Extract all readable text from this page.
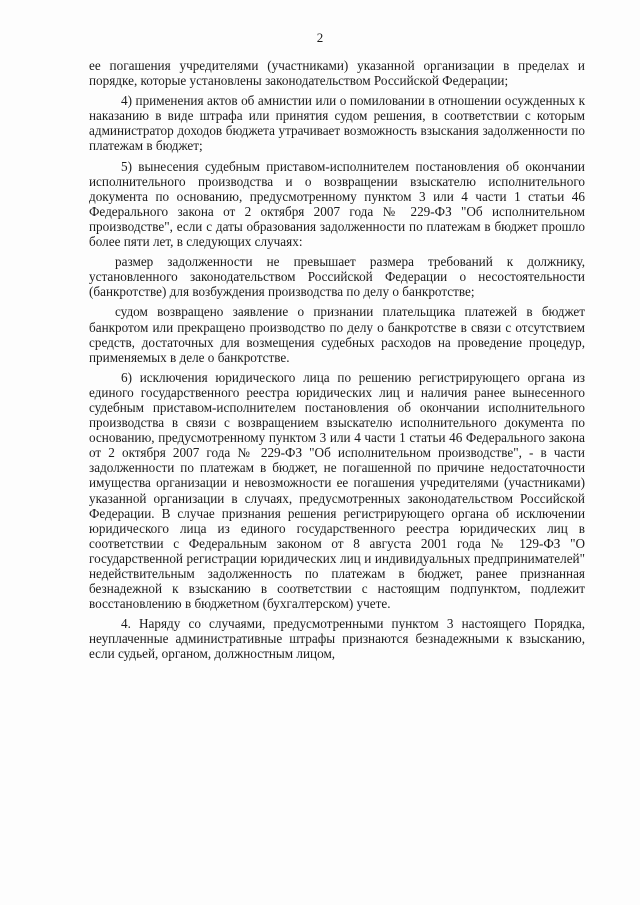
2

ее погашения учредителями (участниками) указанной организации в пределах и порядке, которые установлены законодательством Российской Федерации;

4) применения актов об амнистии или о помиловании в отношении осужденных к наказанию в виде штрафа или принятия судом решения, в соответствии с которым администратор доходов бюджета утрачивает возможность взыскания задолженности по платежам в бюджет;

5) вынесения судебным приставом-исполнителем постановления об окончании исполнительного производства и о возвращении взыскателю исполнительного документа по основанию, предусмотренному пунктом 3 или 4 части 1 статьи 46 Федерального закона от 2 октября 2007 года № 229-ФЗ "Об исполнительном производстве", если с даты образования задолженности по платежам в бюджет прошло более пяти лет, в следующих случаях:

размер задолженности не превышает размера требований к должнику, установленного законодательством Российской Федерации о несостоятельности (банкротстве) для возбуждения производства по делу о банкротстве;

судом возвращено заявление о признании плательщика платежей в бюджет банкротом или прекращено производство по делу о банкротстве в связи с отсутствием средств, достаточных для возмещения судебных расходов на проведение процедур, применяемых в деле о банкротстве.

6) исключения юридического лица по решению регистрирующего органа из единого государственного реестра юридических лиц и наличия ранее вынесенного судебным приставом-исполнителем постановления об окончании исполнительного производства в связи с возвращением взыскателю исполнительного документа по основанию, предусмотренному пунктом 3 или 4 части 1 статьи 46 Федерального закона от 2 октября 2007 года № 229-ФЗ "Об исполнительном производстве", - в части задолженности по платежам в бюджет, не погашенной по причине недостаточности имущества организации и невозможности ее погашения учредителями (участниками) указанной организации в случаях, предусмотренных законодательством Российской Федерации. В случае признания решения регистрирующего органа об исключении юридического лица из единого государственного реестра юридических лиц в соответствии с Федеральным законом от 8 августа 2001 года № 129-ФЗ "О государственной регистрации юридических лиц и индивидуальных предпринимателей" недействительным задолженность по платежам в бюджет, ранее признанная безнадежной к взысканию в соответствии с настоящим подпунктом, подлежит восстановлению в бюджетном (бухгалтерском) учете.

4. Наряду со случаями, предусмотренными пунктом 3 настоящего Порядка, неуплаченные административные штрафы признаются безнадежными к взысканию, если судьей, органом, должностным лицом,
